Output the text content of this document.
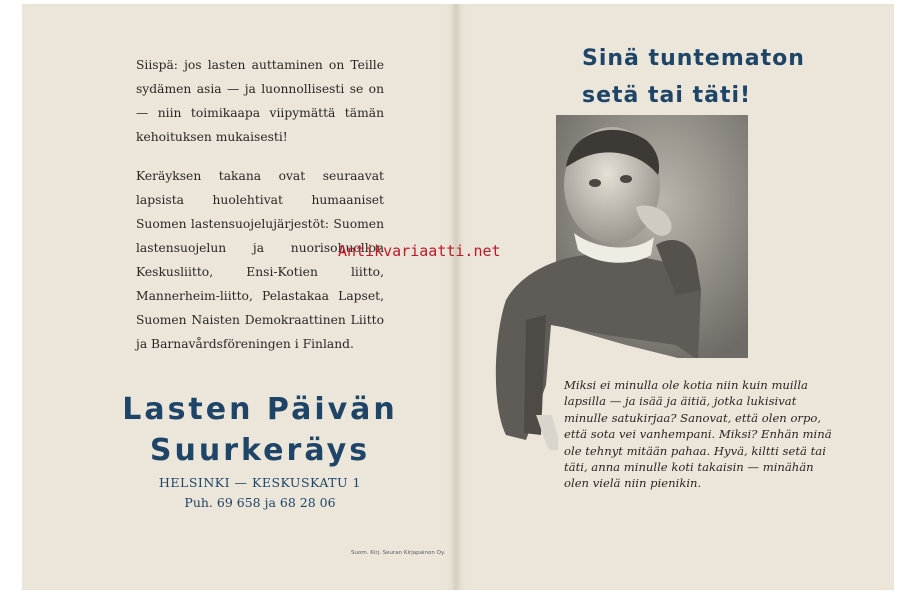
Siispä: jos lasten auttaminen on Teille sydämen asia — ja luonnollisesti se on — niin toimikaapa viipymättä tämän kehoituksen mukaisesti!

Keräyksen takana ovat seuraavat lapsista huolehtivat humaaniset Suomen lastensuojelujärjestöt: Suomen lastensuojelun ja nuorisohuollon Keskusliitto, Ensi-Kotien liitto, Mannerheim-liitto, Pelastakaa Lapset, Suomen Naisten Demokraattinen Liitto ja Barnavårdsföreningen i Finland.

Lasten Päivän
Suurkeräys
HELSINKI — KESKUSKATU 1
Puh. 69 658 ja 68 28 06
Suom. Kirj. Seuran Kirjapainon Oy.
Sinä tuntematon
setä tai täti!

Miksi ei minulla ole kotia niin kuin muilla lapsilla — ja isää ja äitiä, jotka lukisivat minulle satukirjaa? Sanovat, että olen orpo, että sota vei vanhempani. Miksi? Enhän minä ole tehnyt mitään pahaa. Hyvä, kiltti setä tai täti, anna minulle koti takaisin — minähän olen vielä niin pienikin.

Antikvariaatti.net
